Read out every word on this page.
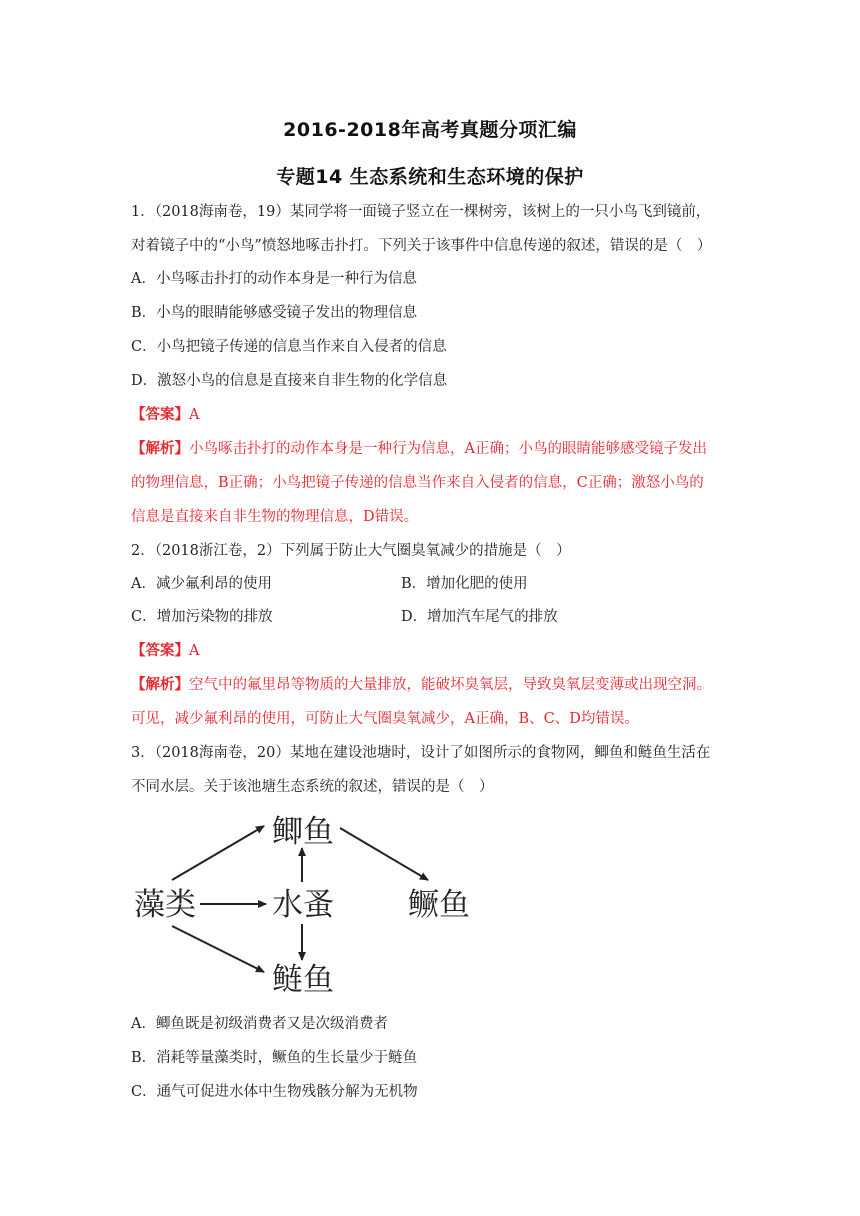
2016-2018年高考真题分项汇编
专题14 生态系统和生态环境的保护
1．（2018海南卷，19）某同学将一面镜子竖立在一棵树旁，该树上的一只小鸟飞到镜前，
对着镜子中的“小鸟”愤怒地啄击扑打。下列关于该事件中信息传递的叙述，错误的是（　）
A．小鸟啄击扑打的动作本身是一种行为信息
B．小鸟的眼睛能够感受镜子发出的物理信息
C．小鸟把镜子传递的信息当作来自入侵者的信息
D．激怒小鸟的信息是直接来自非生物的化学信息
【答案】A
【解析】小鸟啄击扑打的动作本身是一种行为信息，A正确；小鸟的眼睛能够感受镜子发出
的物理信息，B正确；小鸟把镜子传递的信息当作来自入侵者的信息，C正确；激怒小鸟的
信息是直接来自非生物的物理信息，D错误。
2．（2018浙江卷，2）下列属于防止大气圈臭氧减少的措施是（　）
A．减少氟利昂的使用	B．增加化肥的使用
C．增加污染物的排放	D．增加汽车尾气的排放
【答案】A
【解析】空气中的氟里昂等物质的大量排放，能破坏臭氧层，导致臭氧层变薄或出现空洞。
可见，减少氟利昂的使用，可防止大气圈臭氧减少，A正确，B、C、D均错误。
3．（2018海南卷，20）某地在建设池塘时，设计了如图所示的食物网，鲫鱼和鲢鱼生活在
不同水层。关于该池塘生态系统的叙述，错误的是（　）
鲫鱼
藻类 水蚤 鳜鱼
鲢鱼
A．鲫鱼既是初级消费者又是次级消费者
B．消耗等量藻类时，鳜鱼的生长量少于鲢鱼
C．通气可促进水体中生物残骸分解为无机物
